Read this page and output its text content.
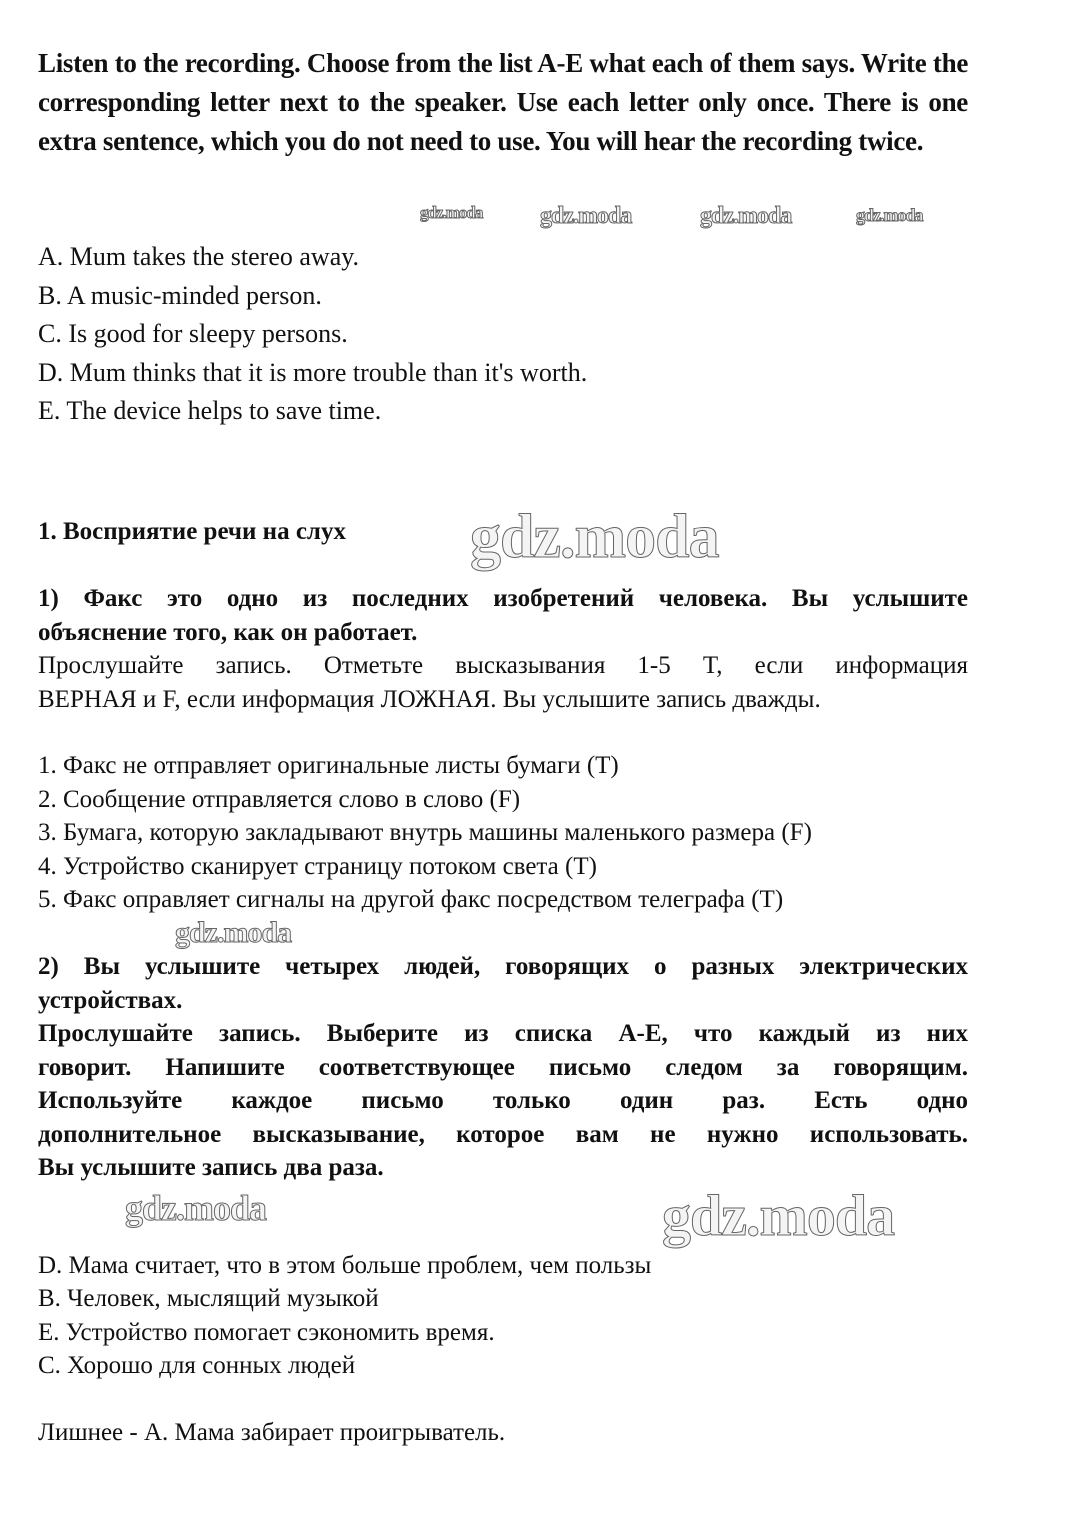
Listen to the recording. Choose from the list A-E what each of them says. Write the corresponding letter next to the speaker. Use each letter only once. There is one extra sentence, which you do not need to use. You will hear the recording twice.
A. Mum takes the stereo away.
B. A music-minded person.
C. Is good for sleepy persons.
D. Mum thinks that it is more trouble than it's worth.
E. The device helps to save time.
1. Восприятие речи на слух
1) Факс это одно из последних изобретений человека. Вы услышите
объяснение того, как он работает.
Прослушайте запись. Отметьте высказывания 1-5 T, если информация
ВЕРНАЯ и F, если информация ЛОЖНАЯ. Вы услышите запись дважды.
1. Факс не отправляет оригинальные листы бумаги (T)
2. Сообщение отправляется слово в слово (F)
3. Бумага, которую закладывают внутрь машины маленького размера (F)
4. Устройство сканирует страницу потоком света (T)
5. Факс оправляет сигналы на другой факс посредством телеграфа (T)
2) Вы услышите четырех людей, говорящих о разных электрических
устройствах.
Прослушайте запись. Выберите из списка А-Е, что каждый из них
говорит. Напишите соответствующее письмо следом за говорящим.
Используйте каждое письмо только один раз. Есть одно
дополнительное высказывание, которое вам не нужно использовать.
Вы услышите запись два раза.
D. Мама считает, что в этом больше проблем, чем пользы
B. Человек, мыслящий музыкой
E. Устройство помогает сэкономить время.
C. Хорошо для сонных людей
Лишнее - А. Мама забирает проигрыватель.
gdz.moda gdz.moda	gdz.moda	gdz.moda
gdz.moda
gdz.moda
gdz.moda	gdz.moda
